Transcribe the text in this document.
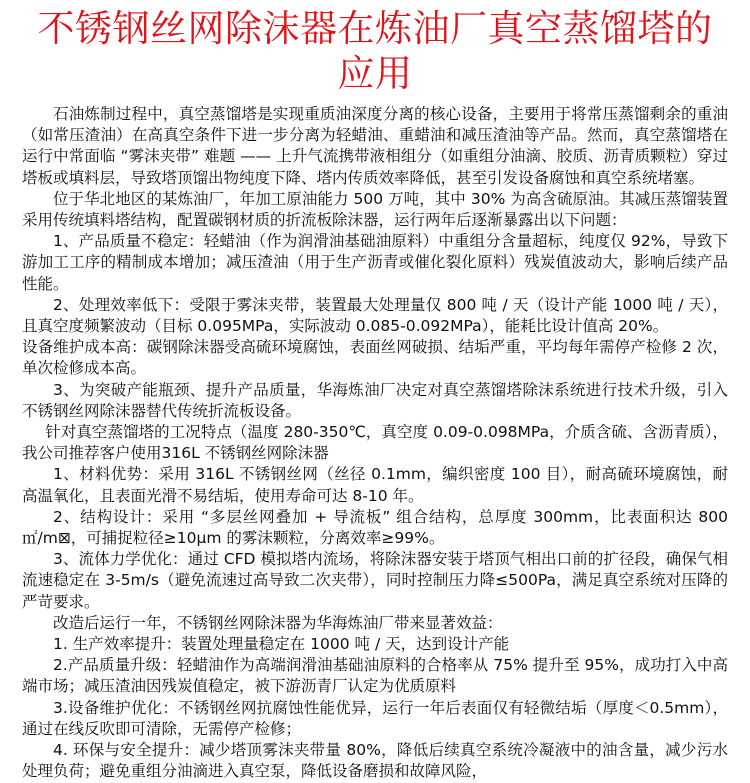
不锈钢丝网除沫器在炼油厂真空蒸馏塔的
应用

石油炼制过程中，真空蒸馏塔是实现重质油深度分离的核心设备，主要用于将常压蒸馏剩余的重油（如常压渣油）在高真空条件下进一步分离为轻蜡油、重蜡油和减压渣油等产品。然而，真空蒸馏塔在运行中常面临 “雾沫夹带” 难题 —— 上升气流携带液相组分（如重组分油滴、胶质、沥青质颗粒）穿过塔板或填料层，导致塔顶馏出物纯度下降、塔内传质效率降低，甚至引发设备腐蚀和真空系统堵塞。

位于华北地区的某炼油厂，年加工原油能力 500 万吨，其中 30% 为高含硫原油。其减压蒸馏装置采用传统填料塔结构，配置碳钢材质的折流板除沫器，运行两年后逐渐暴露出以下问题：

1、产品质量不稳定：轻蜡油（作为润滑油基础油原料）中重组分含量超标，纯度仅 92%，导致下游加工工序的精制成本增加；减压渣油（用于生产沥青或催化裂化原料）残炭值波动大，影响后续产品性能。

2、处理效率低下：受限于雾沫夹带，装置最大处理量仅 800 吨 / 天（设计产能 1000 吨 / 天），且真空度频繁波动（目标 0.095MPa，实际波动 0.085-0.092MPa），能耗比设计值高 20%。

设备维护成本高：碳钢除沫器受高硫环境腐蚀，表面丝网破损、结垢严重，平均每年需停产检修 2 次，单次检修成本高。

3、为突破产能瓶颈、提升产品质量，华海炼油厂决定对真空蒸馏塔除沫系统进行技术升级，引入不锈钢丝网除沫器替代传统折流板设备。

针对真空蒸馏塔的工况特点（温度 280-350℃，真空度 0.09-0.098MPa，介质含硫、含沥青质），我公司推荐客户使用316L 不锈钢丝网除沫器

1、材料优势：采用 316L 不锈钢丝网（丝径 0.1mm，编织密度 100 目），耐高硫环境腐蚀，耐高温氧化，且表面光滑不易结垢，使用寿命可达 8-10 年。

2、结构设计：采用 “多层丝网叠加 + 导流板” 组合结构，总厚度 300mm，比表面积达 800㎡/m⊠，可捕捉粒径≥10μm 的雾沫颗粒，分离效率≥99%。

3、流体力学优化：通过 CFD 模拟塔内流场，将除沫器安装于塔顶气相出口前的扩径段，确保气相流速稳定在 3-5m/s（避免流速过高导致二次夹带），同时控制压力降≤500Pa，满足真空系统对压降的严苛要求。

改造后运行一年，不锈钢丝网除沫器为华海炼油厂带来显著效益：

1. 生产效率提升：装置处理量稳定在 1000 吨 / 天，达到设计产能

2.产品质量升级：轻蜡油作为高端润滑油基础油原料的合格率从 75% 提升至 95%，成功打入中高端市场；减压渣油因残炭值稳定，被下游沥青厂认定为优质原料

3.设备维护优化：不锈钢丝网抗腐蚀性能优异，运行一年后表面仅有轻微结垢（厚度＜0.5mm），通过在线反吹即可清除，无需停产检修；

4. 环保与安全提升：减少塔顶雾沫夹带量 80%，降低后续真空系统冷凝液中的油含量，减少污水处理负荷；避免重组分油滴进入真空泵，降低设备磨损和故障风险，
